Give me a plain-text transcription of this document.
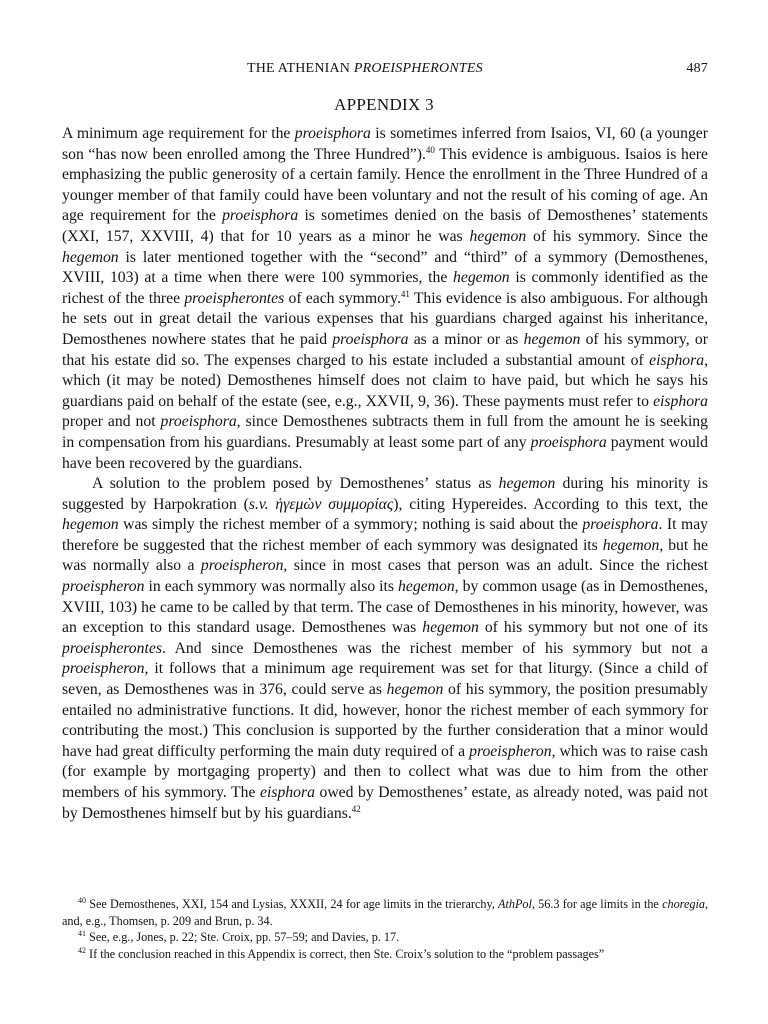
THE ATHENIAN PROEISPHERONTES	487
APPENDIX 3

A minimum age requirement for the proeisphora is sometimes inferred from Isaios, VI, 60 (a younger son “has now been enrolled among the Three Hundred”).$^{40}$ This evidence is ambiguous. Isaios is here emphasizing the public generosity of a certain family. Hence the enrollment in the Three Hundred of a younger member of that family could have been voluntary and not the result of his coming of age. An age requirement for the proeisphora is sometimes denied on the basis of Demosthenes’ statements (XXI, 157, XXVIII, 4) that for 10 years as a minor he was hegemon of his symmory. Since the hegemon is later mentioned together with the “second” and “third” of a symmory (Demosthenes, XVIII, 103) at a time when there were 100 symmories, the hegemon is commonly identified as the richest of the three proeispherontes of each symmory.$^{41}$ This evidence is also ambiguous. For although he sets out in great detail the various expenses that his guardians charged against his inheritance, Demosthenes nowhere states that he paid proeisphora as a minor or as hegemon of his symmory, or that his estate did so. The expenses charged to his estate included a substantial amount of eisphora, which (it may be noted) Demosthenes himself does not claim to have paid, but which he says his guardians paid on behalf of the estate (see, e.g., XXVII, 9, 36). These payments must refer to eisphora proper and not proeisphora, since Demosthenes subtracts them in full from the amount he is seeking in compensation from his guardians. Presumably at least some part of any proeisphora payment would have been recovered by the guardians.

A solution to the problem posed by Demosthenes’ status as hegemon during his minority is suggested by Harpokration (s.v. ἡγεμὼν συμμορίας), citing Hypereides. According to this text, the hegemon was simply the richest member of a symmory; nothing is said about the proeisphora. It may therefore be suggested that the richest member of each symmory was designated its hegemon, but he was normally also a proeispheron, since in most cases that person was an adult. Since the richest proeispheron in each symmory was normally also its hegemon, by common usage (as in Demosthenes, XVIII, 103) he came to be called by that term. The case of Demosthenes in his minority, however, was an exception to this standard usage. Demosthenes was hegemon of his symmory but not one of its proeispherontes. And since Demosthenes was the richest member of his symmory but not a proeispheron, it follows that a minimum age requirement was set for that liturgy. (Since a child of seven, as Demosthenes was in 376, could serve as hegemon of his symmory, the position presumably entailed no administrative functions. It did, however, honor the richest member of each symmory for contributing the most.) This conclusion is supported by the further consideration that a minor would have had great difficulty performing the main duty required of a proeispheron, which was to raise cash (for example by mortgaging property) and then to collect what was due to him from the other members of his symmory. The eisphora owed by Demosthenes’ estate, as already noted, was paid not by Demosthenes himself but by his guardians.$^{42}$

$^{40}$ See Demosthenes, XXI, 154 and Lysias, XXXII, 24 for age limits in the trierarchy, AthPol, 56.3 for age limits in the choregia, and, e.g., Thomsen, p. 209 and Brun, p. 34.

$^{41}$ See, e.g., Jones, p. 22; Ste. Croix, pp. 57–59; and Davies, p. 17.

$^{42}$ If the conclusion reached in this Appendix is correct, then Ste. Croix’s solution to the “problem passages”
